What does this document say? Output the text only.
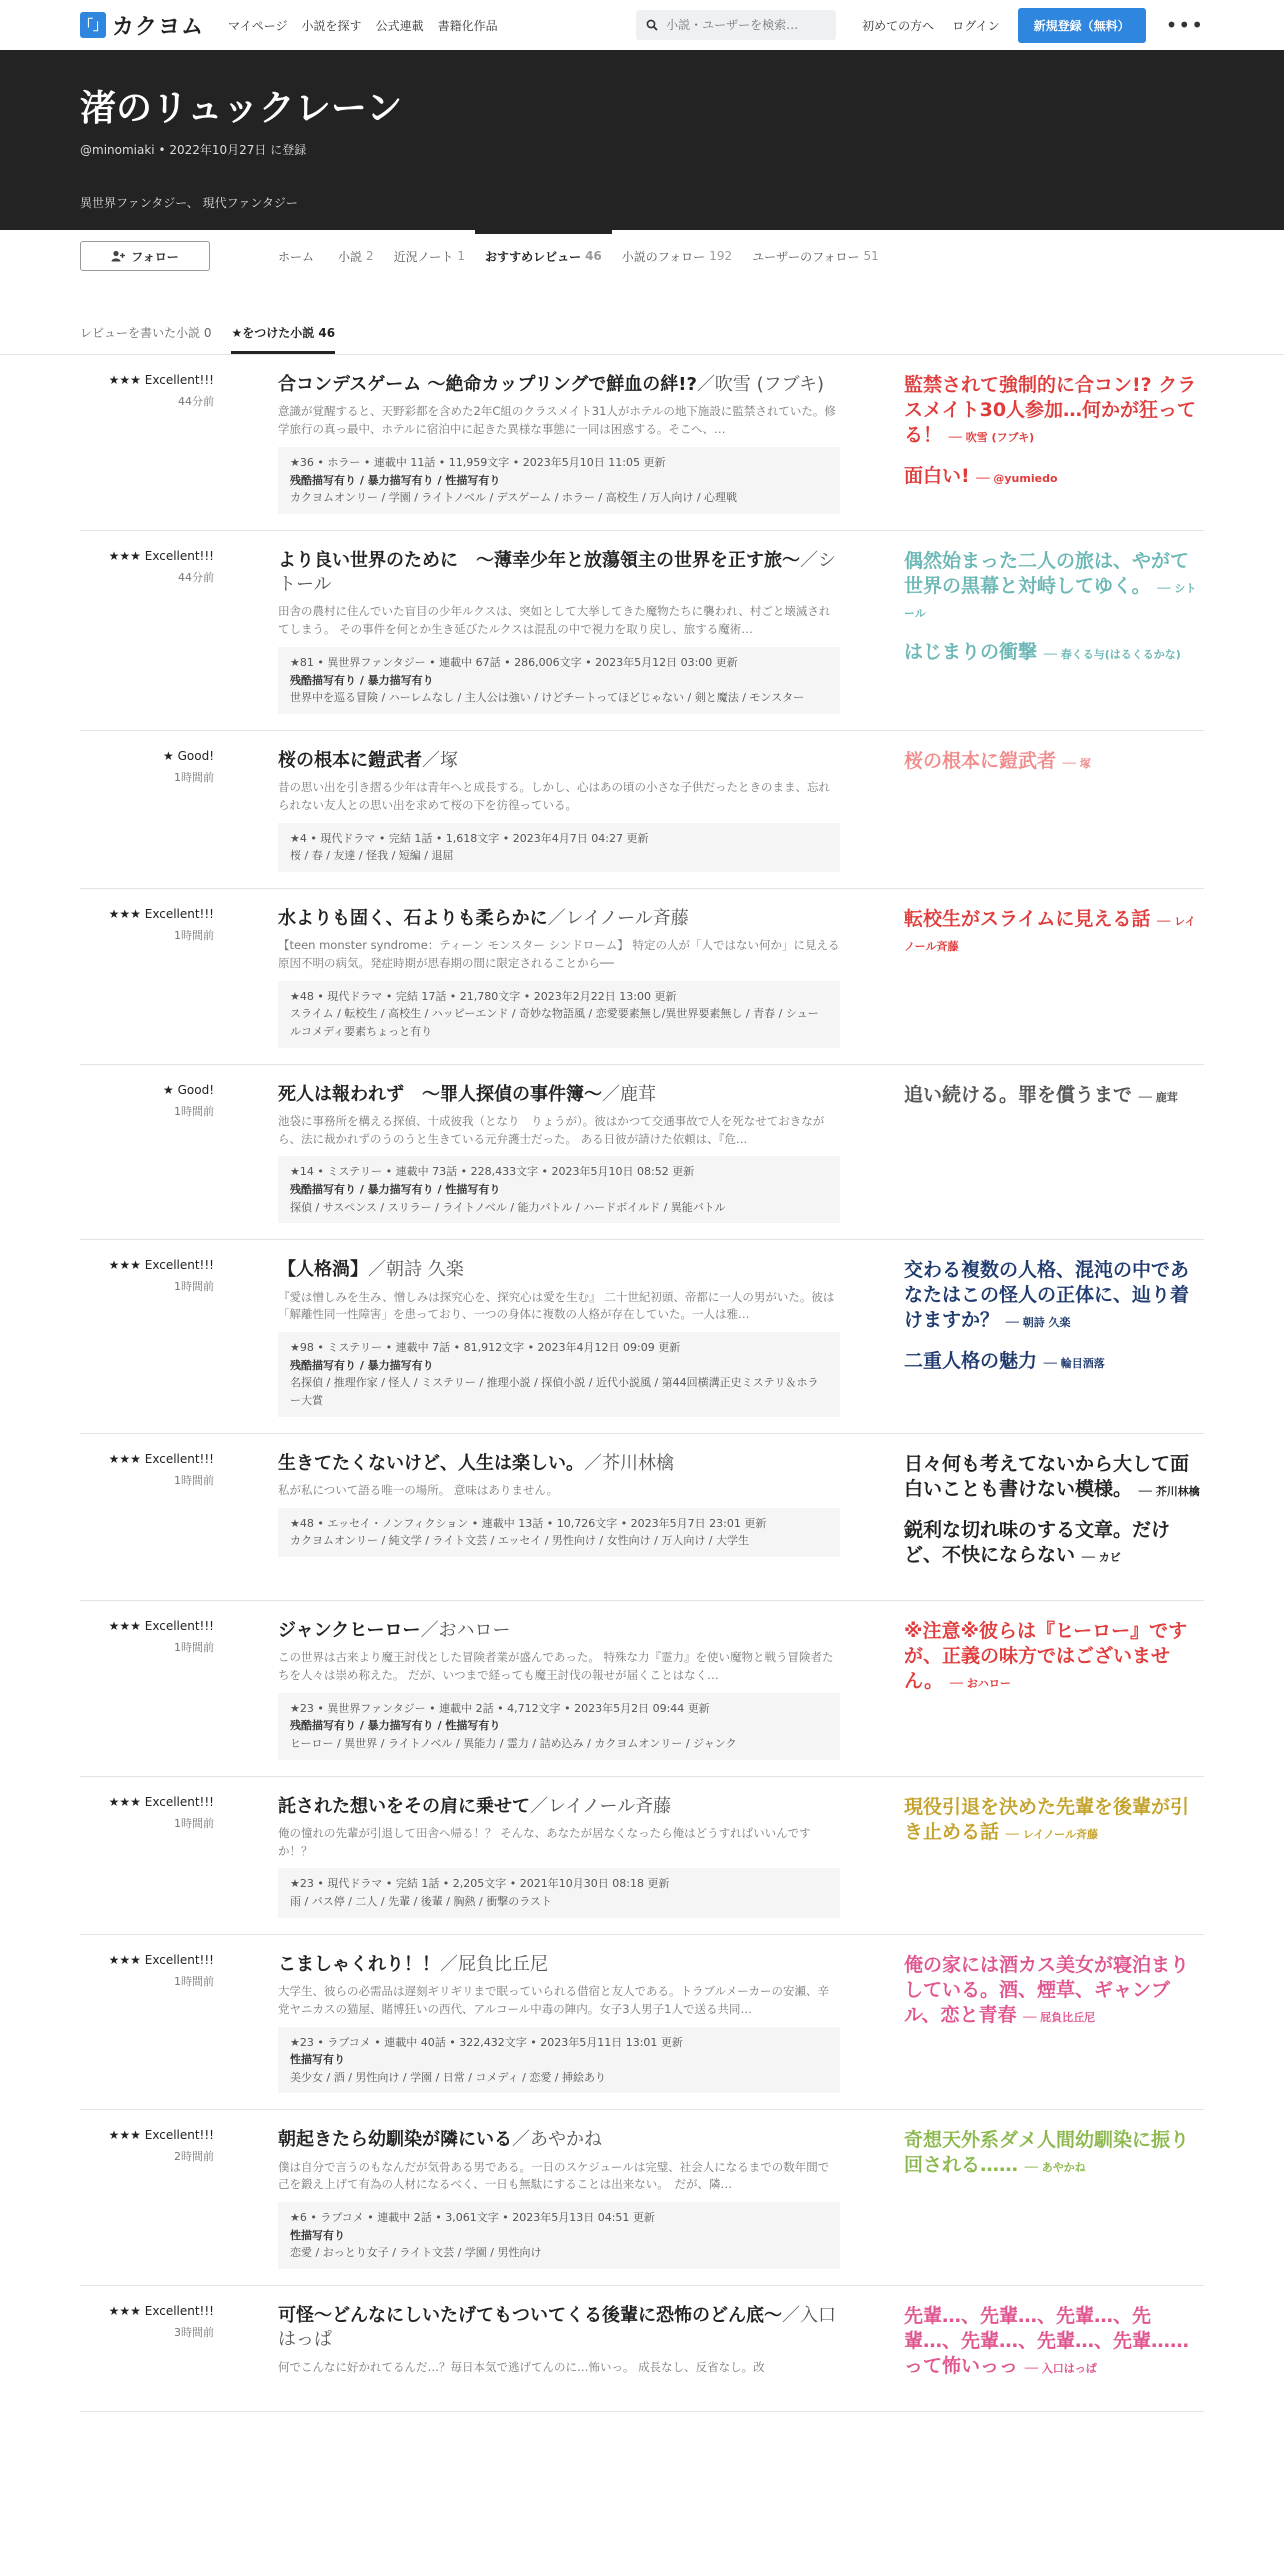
「」 カクヨム マイページ 小説を探す 公式連載 書籍化作品
小説・ユーザーを検索…	初めての方へ ログイン	新規登録（無料）	•••
渚のリュックレーン
@minomiaki • 2022年10月27日 に登録
異世界ファンタジー、 現代ファンタジー
フォロー	ホーム 小説 2 近況ノート 1 おすすめレビュー 46 小説のフォロー 192 ユーザーのフォロー 51
レビューを書いた小説 0 ★をつけた小説 46
★★★ Excellent!!!
44分前
合コンデスゲーム 〜絶命カップリングで鮮血の絆!?／吹雪 (フブキ)
意識が覚醒すると、天野彩都を含めた2年C組のクラスメイト31人がホテルの地下施設に監禁されていた。修学旅行の真っ最中、ホテルに宿泊中に起きた異様な事態に一同は困惑する。そこへ、…
★36 • ホラー • 連載中 11話 • 11,959文字 • 2023年5月10日 11:05 更新
残酷描写有り / 暴力描写有り / 性描写有り
カクヨムオンリー / 学園 / ライトノベル / デスゲーム / ホラー / 高校生 / 万人向け / 心理戦
監禁されて強制的に合コン!? クラスメイト30人参加…何かが狂ってる！ ── 吹雪 (フブキ)
面白い! ── @yumiedo
★★★ Excellent!!!
44分前
より良い世界のために　〜薄幸少年と放蕩領主の世界を正す旅〜／シトール
田舎の農村に住んでいた盲目の少年ルクスは、突如として大挙してきた魔物たちに襲われ、村ごと壊滅されてしまう。 その事件を何とか生き延びたルクスは混乱の中で視力を取り戻し、旅する魔術…
★81 • 異世界ファンタジー • 連載中 67話 • 286,006文字 • 2023年5月12日 03:00 更新
残酷描写有り / 暴力描写有り
世界中を巡る冒険 / ハーレムなし / 主人公は強い / けどチートってほどじゃない / 剣と魔法 / モンスター
偶然始まった二人の旅は、やがて世界の黒幕と対峙してゆく。 ── シトール
はじまりの衝撃 ── 春くる与(はるくるかな)
★ Good!
1時間前
桜の根本に鎧武者／塚
昔の思い出を引き摺る少年は青年へと成長する。しかし、心はあの頃の小さな子供だったときのまま、忘れられない友人との思い出を求めて桜の下を彷徨っている。
★4 • 現代ドラマ • 完結 1話 • 1,618文字 • 2023年4月7日 04:27 更新
桜 / 春 / 友達 / 怪我 / 短編 / 退屈
桜の根本に鎧武者 ── 塚
★★★ Excellent!!!
1時間前
水よりも固く、石よりも柔らかに／レイノール斉藤
【teen monster syndrome：ティーン モンスター シンドローム】 特定の人が「人ではない何か」に見える原因不明の病気。発症時期が思春期の間に限定されることから──
★48 • 現代ドラマ • 完結 17話 • 21,780文字 • 2023年2月22日 13:00 更新
スライム / 転校生 / 高校生 / ハッピーエンド / 奇妙な物語風 / 恋愛要素無し/異世界要素無し / 青春 / シュールコメディ要素ちょっと有り
転校生がスライムに見える話 ── レイノール斉藤
★ Good!
1時間前
死人は報われず　〜罪人探偵の事件簿〜／鹿茸
池袋に事務所を構える探偵、十成彼我（となり　りょうが）。彼はかつて交通事故で人を死なせておきながら、法に裁かれずのうのうと生きている元弁護士だった。 ある日彼が請けた依頼は、『危…
★14 • ミステリー • 連載中 73話 • 228,433文字 • 2023年5月10日 08:52 更新
残酷描写有り / 暴力描写有り / 性描写有り
探偵 / サスペンス / スリラー / ライトノベル / 能力バトル / ハードボイルド / 異能バトル
追い続ける。罪を償うまで ── 鹿茸
★★★ Excellent!!!
1時間前
【人格渦】／朝詩 久楽
『愛は憎しみを生み、憎しみは探究心を、探究心は愛を生む』 二十世紀初頭、帝都に一人の男がいた。彼は「解離性同一性障害」を患っており、一つの身体に複数の人格が存在していた。一人は雅…
★98 • ミステリー • 連載中 7話 • 81,912文字 • 2023年4月12日 09:09 更新
残酷描写有り / 暴力描写有り
名探偵 / 推理作家 / 怪人 / ミステリー / 推理小説 / 探偵小説 / 近代小説風 / 第44回横溝正史ミステリ＆ホラー大賞
交わる複数の人格、混沌の中であなたはこの怪人の正体に、辿り着けますか？ ── 朝詩 久楽
二重人格の魅力 ── 輪目酒落
★★★ Excellent!!!
1時間前
生きてたくないけど、人生は楽しい。／芥川林檎
私が私について語る唯一の場所。 意味はありません。
★48 • エッセイ・ノンフィクション • 連載中 13話 • 10,726文字 • 2023年5月7日 23:01 更新
カクヨムオンリー / 純文学 / ライト文芸 / エッセイ / 男性向け / 女性向け / 万人向け / 大学生
日々何も考えてないから大して面白いことも書けない模様。 ── 芥川林檎
鋭利な切れ味のする文章。だけど、不快にならない ── カビ
★★★ Excellent!!!
1時間前
ジャンクヒーロー／おハロー
この世界は古来より魔王討伐とした冒険者業が盛んであった。 特殊な力『霊力』を使い魔物と戦う冒険者たちを人々は崇め称えた。 だが、いつまで経っても魔王討伐の報せが届くことはなく…
★23 • 異世界ファンタジー • 連載中 2話 • 4,712文字 • 2023年5月2日 09:44 更新
残酷描写有り / 暴力描写有り / 性描写有り
ヒーロー / 異世界 / ライトノベル / 異能力 / 霊力 / 詰め込み / カクヨムオンリー / ジャンク
※注意※彼らは『ヒーロー』ですが、正義の味方ではございません。 ── おハロー
★★★ Excellent!!!
1時間前
託された想いをその肩に乗せて／レイノール斉藤
俺の憧れの先輩が引退して田舎へ帰る！？ そんな、あなたが居なくなったら俺はどうすればいいんですか！？
★23 • 現代ドラマ • 完結 1話 • 2,205文字 • 2021年10月30日 08:18 更新
雨 / バス停 / 二人 / 先輩 / 後輩 / 胸熱 / 衝撃のラスト
現役引退を決めた先輩を後輩が引き止める話 ── レイノール斉藤
★★★ Excellent!!!
1時間前
こましゃくれり！！／屁負比丘尼
大学生、彼らの必需品は遅刻ギリギリまで眠っていられる借宿と友人である。トラブルメーカーの安瀬、辛党ヤニカスの猫屋、賭博狂いの西代、アルコール中毒の陣内。女子3人男子1人で送る共同…
★23 • ラブコメ • 連載中 40話 • 322,432文字 • 2023年5月11日 13:01 更新
性描写有り
美少女 / 酒 / 男性向け / 学園 / 日常 / コメディ / 恋愛 / 挿絵あり
俺の家には酒カス美女が寝泊まりしている。酒、煙草、ギャンブル、恋と青春 ── 屁負比丘尼
★★★ Excellent!!!
2時間前
朝起きたら幼馴染が隣にいる／あやかね
僕は自分で言うのもなんだが気骨ある男である。一日のスケジュールは完璧、社会人になるまでの数年間で己を鍛え上げて有為の人材になるべく、一日も無駄にすることは出来ない。　だが、隣…
★6 • ラブコメ • 連載中 2話 • 3,061文字 • 2023年5月13日 04:51 更新
性描写有り
恋愛 / おっとり女子 / ライト文芸 / 学園 / 男性向け
奇想天外系ダメ人間幼馴染に振り回される…… ── あやかね
★★★ Excellent!!!
3時間前
可怪〜どんなにしいたげてもついてくる後輩に恐怖のどん底〜／入口はっぱ
何でこんなに好かれてるんだ…？毎日本気で逃げてんのに…怖いっ。 成長なし、反省なし。改
先輩…、先輩…、先輩…、先輩…、先輩…、先輩…、先輩……って怖いっっ ── 入口はっぱ
